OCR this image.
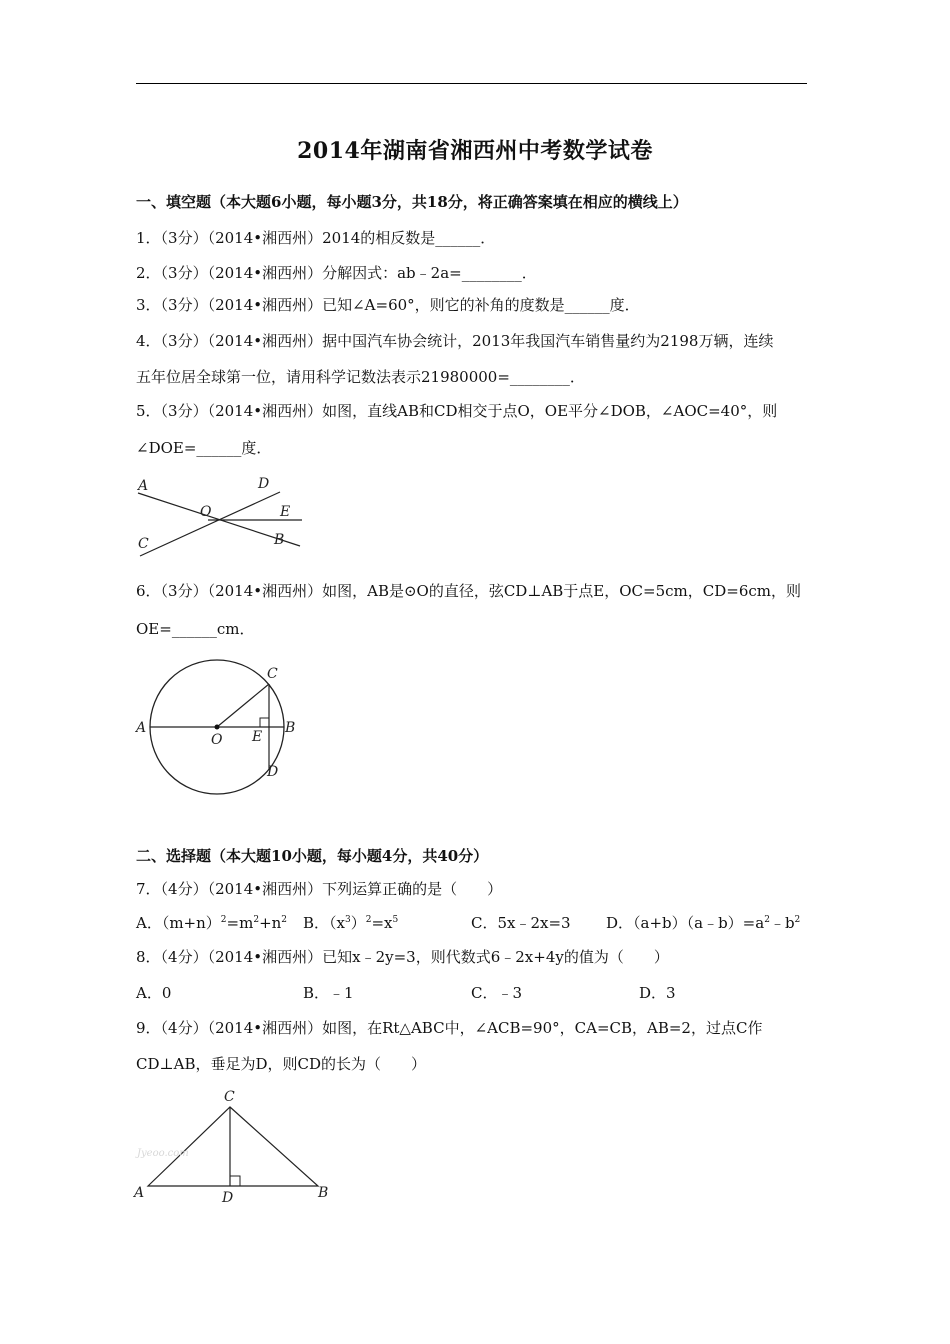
2014年湖南省湘西州中考数学试卷
一、填空题（本大题6小题，每小题3分，共18分，将正确答案填在相应的横线上）
1．（3分）（2014•湘西州）2014的相反数是______．
2．（3分）（2014•湘西州）分解因式：ab﹣2a=________．
3．（3分）（2014•湘西州）已知∠A=60°，则它的补角的度数是______度．
4．（3分）（2014•湘西州）据中国汽车协会统计，2013年我国汽车销售量约为2198万辆，连续
五年位居全球第一位，请用科学记数法表示21980000=________．
5．（3分）（2014•湘西州）如图，直线AB和CD相交于点O，OE平分∠DOB，∠AOC=40°，则
∠DOE=______度．
A	D
O	E
C	B
6．（3分）（2014•湘西州）如图，AB是⊙O的直径，弦CD⊥AB于点E，OC=5cm，CD=6cm，则
OE=______cm．
A	B
C
D
O E
二、选择题（本大题10小题，每小题4分，共40分）
7．（4分）（2014•湘西州）下列运算正确的是（　　）
A．$(m+n)^2=m^2+n^2$ B．$(x^3)^2=x^5$	C．5x﹣2x=3 D．$(a+b)(a﹣b)=a^2﹣b^2$
8．（4分）（2014•湘西州）已知x﹣2y=3，则代数式6﹣2x+4y的值为（　　）
A．0	B．﹣1	C．﹣3	D．3
9．（4分）（2014•湘西州）如图，在Rt△ABC中，∠ACB=90°，CA=CB，AB=2，过点C作
CD⊥AB，垂足为D，则CD的长为（　　）
A	B
C
D
Jyeoo.com
